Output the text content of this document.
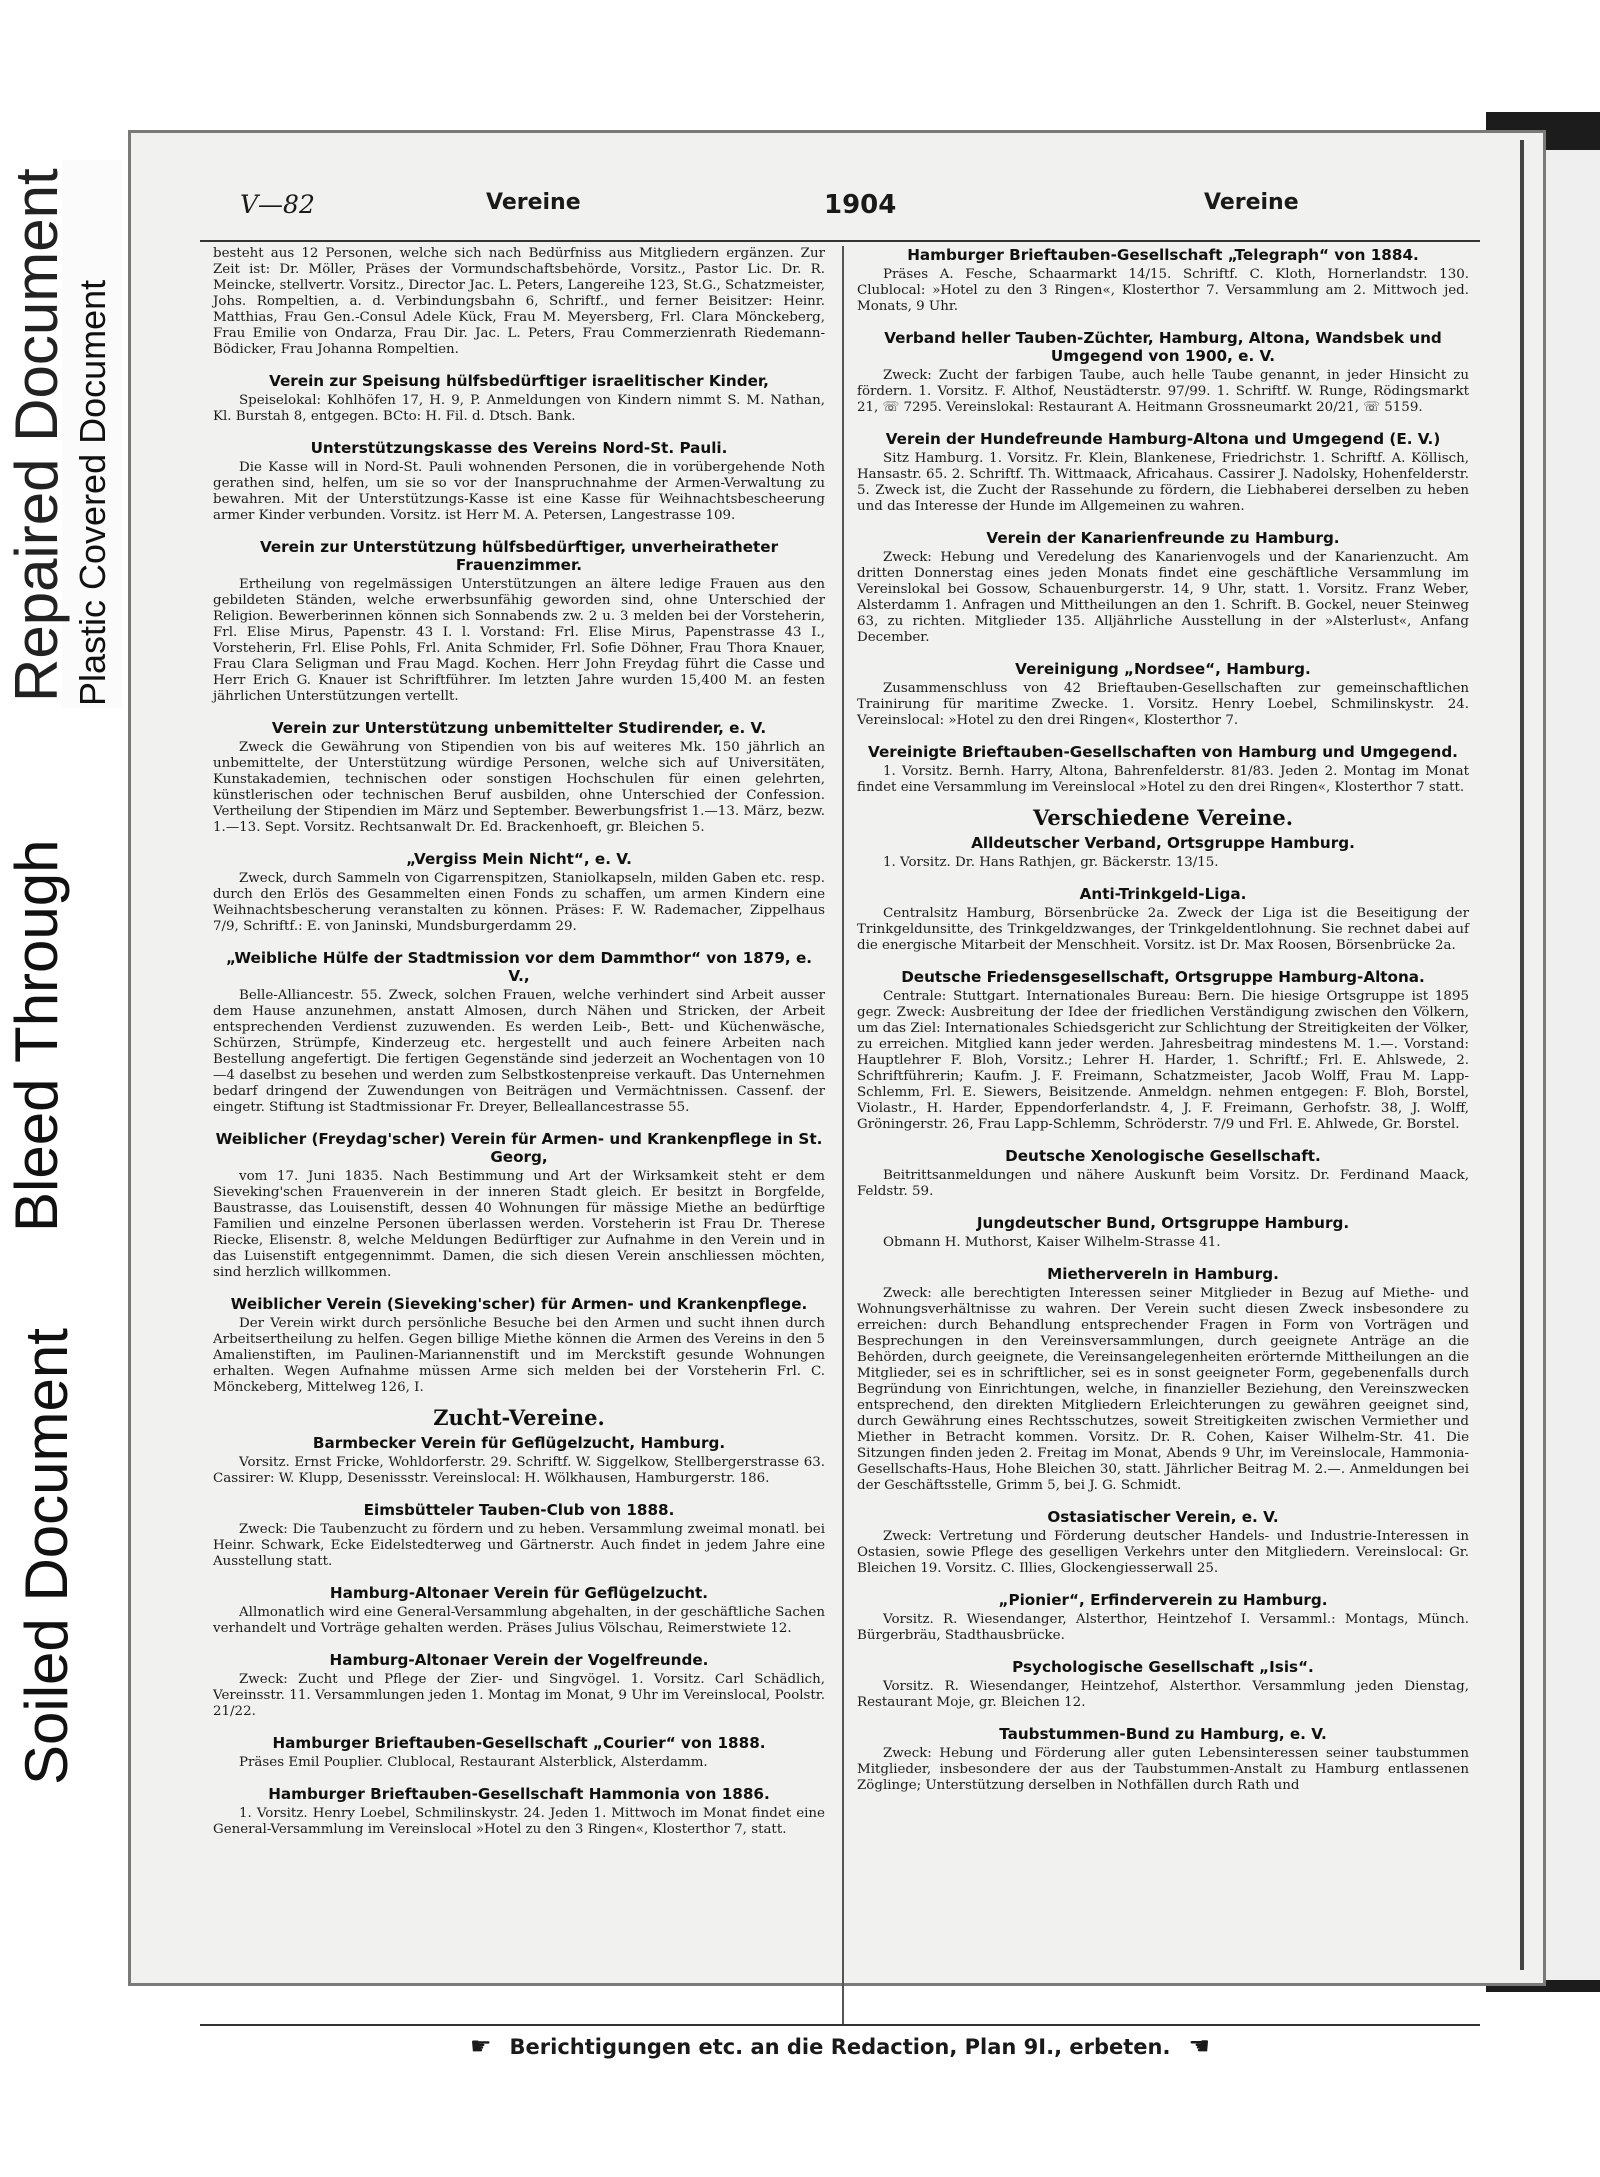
Soiled Document
Bleed Through
Repaired Document Plastic Covered Document
V—82	Vereine	1904	Vereine

besteht aus 12 Personen, welche sich nach Bedürfniss aus Mitgliedern ergänzen. Zur Zeit ist: Dr. Möller, Präses der Vormundschaftsbehörde, Vorsitz., Pastor Lic. Dr. R. Meincke, stellvertr. Vorsitz., Director Jac. L. Peters, Langereihe 123, St.G., Schatzmeister, Johs. Rompeltien, a. d. Verbindungsbahn 6, Schriftf., und ferner Beisitzer: Heinr. Matthias, Frau Gen.-Consul Adele Kück, Frau M. Meyersberg, Frl. Clara Mönckeberg, Frau Emilie von Ondarza, Frau Dir. Jac. L. Peters, Frau Commerzienrath Riedemann-Bödicker, Frau Johanna Rompeltien.

Verein zur Speisung hülfsbedürftiger israelitischer Kinder,

Speiselokal: Kohlhöfen 17, H. 9, P. Anmeldungen von Kindern nimmt S. M. Nathan, Kl. Burstah 8, entgegen. BCto: H. Fil. d. Dtsch. Bank.

Unterstützungskasse des Vereins Nord-St. Pauli.

Die Kasse will in Nord-St. Pauli wohnenden Personen, die in vorübergehende Noth gerathen sind, helfen, um sie so vor der Inanspruchnahme der Armen-Verwaltung zu bewahren. Mit der Unterstützungs-Kasse ist eine Kasse für Weihnachtsbescheerung armer Kinder verbunden. Vorsitz. ist Herr M. A. Petersen, Langestrasse 109.

Verein zur Unterstützung hülfsbedürftiger, unverheiratheter Frauenzimmer.

Ertheilung von regelmässigen Unterstützungen an ältere ledige Frauen aus den gebildeten Ständen, welche erwerbsunfähig geworden sind, ohne Unterschied der Religion. Bewerberinnen können sich Sonnabends zw. 2 u. 3 melden bei der Vorsteherin, Frl. Elise Mirus, Papenstr. 43 I. l. Vorstand: Frl. Elise Mirus, Papenstrasse 43 I., Vorsteherin, Frl. Elise Pohls, Frl. Anita Schmider, Frl. Sofie Döhner, Frau Thora Knauer, Frau Clara Seligman und Frau Magd. Kochen. Herr John Freydag führt die Casse und Herr Erich G. Knauer ist Schriftführer. Im letzten Jahre wurden 15,400 M. an festen jährlichen Unterstützungen vertellt.

Verein zur Unterstützung unbemittelter Studirender, e. V.

Zweck die Gewährung von Stipendien von bis auf weiteres Mk. 150 jährlich an unbemittelte, der Unterstützung würdige Personen, welche sich auf Universitäten, Kunstakademien, technischen oder sonstigen Hochschulen für einen gelehrten, künstlerischen oder technischen Beruf ausbilden, ohne Unterschied der Confession. Vertheilung der Stipendien im März und September. Bewerbungsfrist 1.—13. März, bezw. 1.—13. Sept. Vorsitz. Rechtsanwalt Dr. Ed. Brackenhoeft, gr. Bleichen 5.

„Vergiss Mein Nicht“, e. V.

Zweck, durch Sammeln von Cigarrenspitzen, Staniolkapseln, milden Gaben etc. resp. durch den Erlös des Gesammelten einen Fonds zu schaffen, um armen Kindern eine Weihnachtsbescherung veranstalten zu können. Präses: F. W. Rademacher, Zippelhaus 7/9, Schriftf.: E. von Janinski, Mundsburgerdamm 29.

„Weibliche Hülfe der Stadtmission vor dem Dammthor“ von 1879, e. V.,

Belle-Alliancestr. 55. Zweck, solchen Frauen, welche verhindert sind Arbeit ausser dem Hause anzunehmen, anstatt Almosen, durch Nähen und Stricken, der Arbeit entsprechenden Verdienst zuzuwenden. Es werden Leib-, Bett- und Küchenwäsche, Schürzen, Strümpfe, Kinderzeug etc. hergestellt und auch feinere Arbeiten nach Bestellung angefertigt. Die fertigen Gegenstände sind jederzeit an Wochentagen von 10—4 daselbst zu besehen und werden zum Selbstkostenpreise verkauft. Das Unternehmen bedarf dringend der Zuwendungen von Beiträgen und Vermächtnissen. Cassenf. der eingetr. Stiftung ist Stadtmissionar Fr. Dreyer, Belleallancestrasse 55.

Weiblicher (Freydag'scher) Verein für Armen- und Krankenpflege in St. Georg,

vom 17. Juni 1835. Nach Bestimmung und Art der Wirksamkeit steht er dem Sieveking'schen Frauenverein in der inneren Stadt gleich. Er besitzt in Borgfelde, Baustrasse, das Louisenstift, dessen 40 Wohnungen für mässige Miethe an bedürftige Familien und einzelne Personen überlassen werden. Vorsteherin ist Frau Dr. Therese Riecke, Elisenstr. 8, welche Meldungen Bedürftiger zur Aufnahme in den Verein und in das Luisenstift entgegennimmt. Damen, die sich diesen Verein anschliessen möchten, sind herzlich willkommen.

Weiblicher Verein (Sieveking'scher) für Armen- und Krankenpflege.

Der Verein wirkt durch persönliche Besuche bei den Armen und sucht ihnen durch Arbeitsertheilung zu helfen. Gegen billige Miethe können die Armen des Vereins in den 5 Amalienstiften, im Paulinen-Mariannenstift und im Merckstift gesunde Wohnungen erhalten. Wegen Aufnahme müssen Arme sich melden bei der Vorsteherin Frl. C. Mönckeberg, Mittelweg 126, I.

Zucht-Vereine.
Barmbecker Verein für Geflügelzucht, Hamburg.

Vorsitz. Ernst Fricke, Wohldorferstr. 29. Schriftf. W. Siggelkow, Stellbergerstrasse 63. Cassirer: W. Klupp, Desenissstr. Vereinslocal: H. Wölkhausen, Hamburgerstr. 186.

Eimsbütteler Tauben-Club von 1888.

Zweck: Die Taubenzucht zu fördern und zu heben. Versammlung zweimal monatl. bei Heinr. Schwark, Ecke Eidelstedterweg und Gärtnerstr. Auch findet in jedem Jahre eine Ausstellung statt.

Hamburg-Altonaer Verein für Geflügelzucht.

Allmonatlich wird eine General-Versammlung abgehalten, in der geschäftliche Sachen verhandelt und Vorträge gehalten werden. Präses Julius Völschau, Reimerstwiete 12.

Hamburg-Altonaer Verein der Vogelfreunde.

Zweck: Zucht und Pflege der Zier- und Singvögel. 1. Vorsitz. Carl Schädlich, Vereinsstr. 11. Versammlungen jeden 1. Montag im Monat, 9 Uhr im Vereinslocal, Poolstr. 21/22.

Hamburger Brieftauben-Gesellschaft „Courier“ von 1888.

Präses Emil Pouplier. Clublocal, Restaurant Alsterblick, Alsterdamm.

Hamburger Brieftauben-Gesellschaft Hammonia von 1886.

1. Vorsitz. Henry Loebel, Schmilinskystr. 24. Jeden 1. Mittwoch im Monat findet eine General-Versammlung im Vereinslocal »Hotel zu den 3 Ringen«, Klosterthor 7, statt.

Hamburger Brieftauben-Gesellschaft „Telegraph“ von 1884.

Präses A. Fesche, Schaarmarkt 14/15. Schriftf. C. Kloth, Hornerlandstr. 130. Clublocal: »Hotel zu den 3 Ringen«, Klosterthor 7. Versammlung am 2. Mittwoch jed. Monats, 9 Uhr.

Verband heller Tauben-Züchter, Hamburg, Altona, Wandsbek und Umgegend von 1900, e. V.

Zweck: Zucht der farbigen Taube, auch helle Taube genannt, in jeder Hinsicht zu fördern. 1. Vorsitz. F. Althof, Neustädterstr. 97/99. 1. Schriftf. W. Runge, Rödingsmarkt 21, ☏ 7295. Vereinslokal: Restaurant A. Heitmann Grossneumarkt 20/21, ☏ 5159.

Verein der Hundefreunde Hamburg-Altona und Umgegend (E. V.)

Sitz Hamburg. 1. Vorsitz. Fr. Klein, Blankenese, Friedrichstr. 1. Schriftf. A. Köllisch, Hansastr. 65. 2. Schriftf. Th. Wittmaack, Africahaus. Cassirer J. Nadolsky, Hohenfelderstr. 5. Zweck ist, die Zucht der Rassehunde zu fördern, die Liebhaberei derselben zu heben und das Interesse der Hunde im Allgemeinen zu wahren.

Verein der Kanarienfreunde zu Hamburg.

Zweck: Hebung und Veredelung des Kanarienvogels und der Kanarienzucht. Am dritten Donnerstag eines jeden Monats findet eine geschäftliche Versammlung im Vereinslokal bei Gossow, Schauenburgerstr. 14, 9 Uhr, statt. 1. Vorsitz. Franz Weber, Alsterdamm 1. Anfragen und Mittheilungen an den 1. Schrift. B. Gockel, neuer Steinweg 63, zu richten. Mitglieder 135. Alljährliche Ausstellung in der »Alsterlust«, Anfang December.

Vereinigung „Nordsee“, Hamburg.

Zusammenschluss von 42 Brieftauben-Gesellschaften zur gemeinschaftlichen Trainirung für maritime Zwecke. 1. Vorsitz. Henry Loebel, Schmilinskystr. 24. Vereinslocal: »Hotel zu den drei Ringen«, Klosterthor 7.

Vereinigte Brieftauben-Gesellschaften von Hamburg und Umgegend.

1. Vorsitz. Bernh. Harry, Altona, Bahrenfelderstr. 81/83. Jeden 2. Montag im Monat findet eine Versammlung im Vereinslocal »Hotel zu den drei Ringen«, Klosterthor 7 statt.

Verschiedene Vereine.
Alldeutscher Verband, Ortsgruppe Hamburg.

1. Vorsitz. Dr. Hans Rathjen, gr. Bäckerstr. 13/15.

Anti-Trinkgeld-Liga.

Centralsitz Hamburg, Börsenbrücke 2a. Zweck der Liga ist die Beseitigung der Trinkgeldunsitte, des Trinkgeldzwanges, der Trinkgeldentlohnung. Sie rechnet dabei auf die energische Mitarbeit der Menschheit. Vorsitz. ist Dr. Max Roosen, Börsenbrücke 2a.

Deutsche Friedensgesellschaft, Ortsgruppe Hamburg-Altona.

Centrale: Stuttgart. Internationales Bureau: Bern. Die hiesige Ortsgruppe ist 1895 gegr. Zweck: Ausbreitung der Idee der friedlichen Verständigung zwischen den Völkern, um das Ziel: Internationales Schiedsgericht zur Schlichtung der Streitigkeiten der Völker, zu erreichen. Mitglied kann jeder werden. Jahresbeitrag mindestens M. 1.—. Vorstand: Hauptlehrer F. Bloh, Vorsitz.; Lehrer H. Harder, 1. Schriftf.; Frl. E. Ahlswede, 2. Schriftführerin; Kaufm. J. F. Freimann, Schatzmeister, Jacob Wolff, Frau M. Lapp-Schlemm, Frl. E. Siewers, Beisitzende. Anmeldgn. nehmen entgegen: F. Bloh, Borstel, Violastr., H. Harder, Eppendorferlandstr. 4, J. F. Freimann, Gerhofstr. 38, J. Wolff, Gröningerstr. 26, Frau Lapp-Schlemm, Schröderstr. 7/9 und Frl. E. Ahlwede, Gr. Borstel.

Deutsche Xenologische Gesellschaft.

Beitrittsanmeldungen und nähere Auskunft beim Vorsitz. Dr. Ferdinand Maack, Feldstr. 59.

Jungdeutscher Bund, Ortsgruppe Hamburg.

Obmann H. Muthorst, Kaiser Wilhelm-Strasse 41.

Miethervereln in Hamburg.

Zweck: alle berechtigten Interessen seiner Mitglieder in Bezug auf Miethe- und Wohnungsverhältnisse zu wahren. Der Verein sucht diesen Zweck insbesondere zu erreichen: durch Behandlung entsprechender Fragen in Form von Vorträgen und Besprechungen in den Vereinsversammlungen, durch geeignete Anträge an die Behörden, durch geeignete, die Vereinsangelegenheiten erörternde Mittheilungen an die Mitglieder, sei es in schriftlicher, sei es in sonst geeigneter Form, gegebenenfalls durch Begründung von Einrichtungen, welche, in finanzieller Beziehung, den Vereinszwecken entsprechend, den direkten Mitgliedern Erleichterungen zu gewähren geeignet sind, durch Gewährung eines Rechtsschutzes, soweit Streitigkeiten zwischen Vermiether und Miether in Betracht kommen. Vorsitz. Dr. R. Cohen, Kaiser Wilhelm-Str. 41. Die Sitzungen finden jeden 2. Freitag im Monat, Abends 9 Uhr, im Vereinslocale, Hammonia-Gesellschafts-Haus, Hohe Bleichen 30, statt. Jährlicher Beitrag M. 2.—. Anmeldungen bei der Geschäftsstelle, Grimm 5, bei J. G. Schmidt.

Ostasiatischer Verein, e. V.

Zweck: Vertretung und Förderung deutscher Handels- und Industrie-Interessen in Ostasien, sowie Pflege des geselligen Verkehrs unter den Mitgliedern. Vereinslocal: Gr. Bleichen 19. Vorsitz. C. Illies, Glockengiesserwall 25.

„Pionier“, Erfinderverein zu Hamburg.

Vorsitz. R. Wiesendanger, Alsterthor, Heintzehof I. Versamml.: Montags, Münch. Bürgerbräu, Stadthausbrücke.

Psychologische Gesellschaft „Isis“.

Vorsitz. R. Wiesendanger, Heintzehof, Alsterthor. Versammlung jeden Dienstag, Restaurant Moje, gr. Bleichen 12.

Taubstummen-Bund zu Hamburg, e. V.

Zweck: Hebung und Förderung aller guten Lebensinteressen seiner taubstummen Mitglieder, insbesondere der aus der Taubstummen-Anstalt zu Hamburg entlassenen Zöglinge; Unterstützung derselben in Nothfällen durch Rath und

☛ Berichtigungen etc. an die Redaction, Plan 9I., erbeten. ☚
